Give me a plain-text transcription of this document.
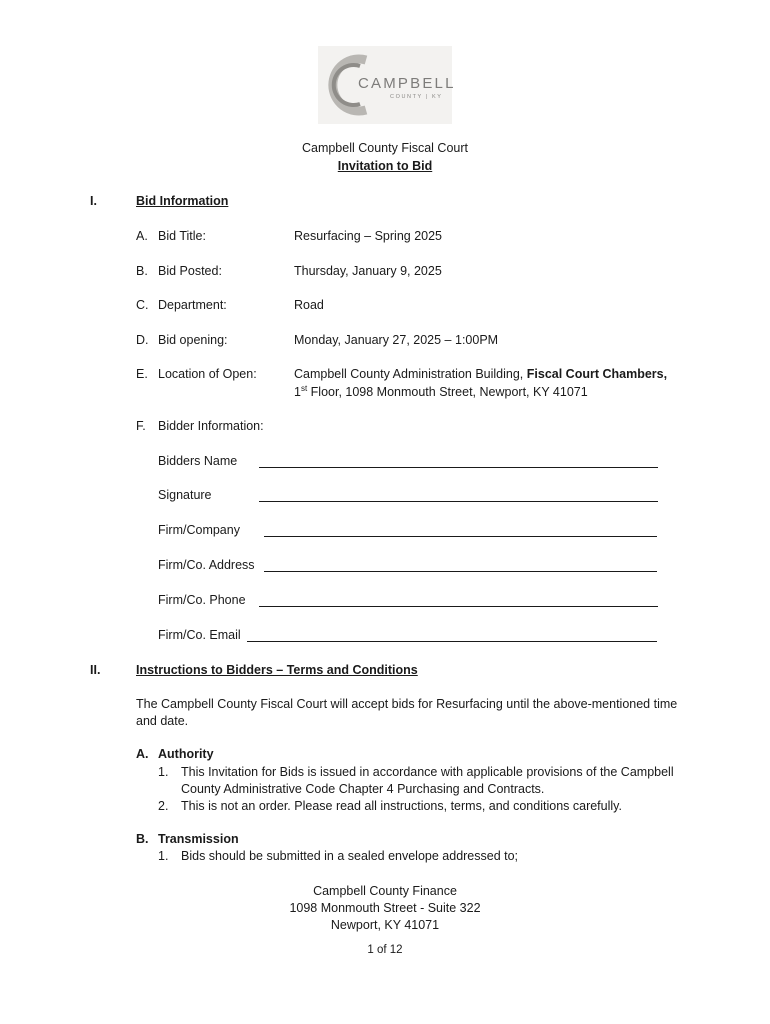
CAMPBELL
COUNTY | KY
Campbell County Fiscal Court
Invitation to Bid
I.	Bid Information
A. Bid Title:	Resurfacing – Spring 2025
B. Bid Posted:	Thursday, January 9, 2025
C. Department:	Road
D. Bid opening:	Monday, January 27, 2025 – 1:00PM
E. Location of Open:	Campbell County Administration Building, Fiscal Court Chambers,
1st Floor, 1098 Monmouth Street, Newport, KY 41071
F. Bidder Information:
Bidders Name
Signature
Firm/Company
Firm/Co. Address
Firm/Co. Phone
Firm/Co. Email
II.	Instructions to Bidders – Terms and Conditions
The Campbell County Fiscal Court will accept bids for Resurfacing until the above-mentioned time
and date.
A. Authority
1. This Invitation for Bids is issued in accordance with applicable provisions of the Campbell
County Administrative Code Chapter 4 Purchasing and Contracts.
2. This is not an order. Please read all instructions, terms, and conditions carefully.
B. Transmission
1. Bids should be submitted in a sealed envelope addressed to;
Campbell County Finance
1098 Monmouth Street - Suite 322
Newport, KY 41071
1 of 12
